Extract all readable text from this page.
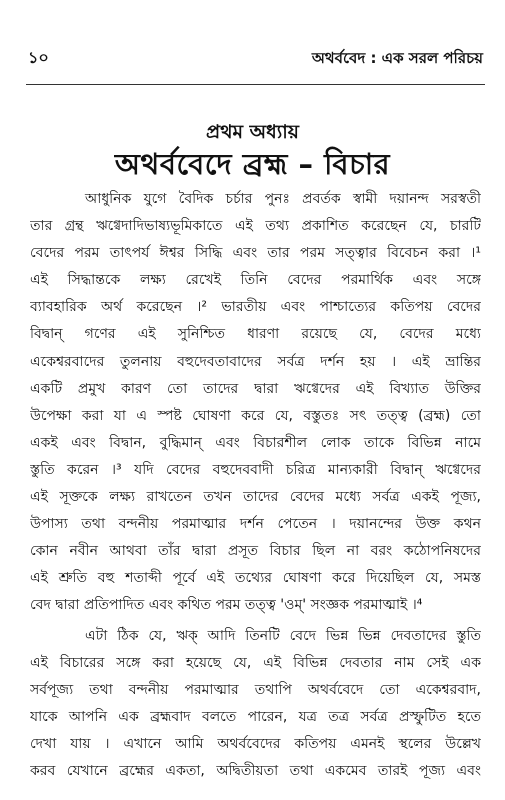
১০	অথর্ববেদ : এক সরল পরিচয়
প্রথম অধ্যায়
অথর্ববেদে ব্রহ্ম – বিচার
আধুনিক যুগে বৈদিক চর্চার পুনঃ প্রবর্তক স্বামী দয়ানন্দ সরস্বতী
তার গ্রন্থ ঋগ্বেদাদিভাষ্যভূমিকাতে এই তথ্য প্রকাশিত করেছেন যে, চারটি
বেদের পরম তাৎপর্য ঈশ্বর সিদ্ধি এবং তার পরম সত্ত্বার বিবেচন করা ।¹
এই সিদ্ধান্তকে লক্ষ্য রেখেই তিনি বেদের পরমার্থিক এবং সঙ্গে
ব্যাবহারিক অর্থ করেছেন ।² ভারতীয় এবং পাশ্চাত্যের কতিপয় বেদের
বিদ্বান্ গণের এই সুনিশ্চিত ধারণা রয়েছে যে, বেদের মধ্যে
একেশ্বরবাদের তুলনায় বহুদেবতাবাদের সর্বত্র দর্শন হয় । এই ভ্রান্তির
একটি প্রমুখ কারণ তো তাদের দ্বারা ঋগ্বেদের এই বিখ্যাত উক্তির
উপেক্ষা করা যা এ স্পষ্ট ঘোষণা করে যে, বস্তুতঃ সৎ তত্ত্ব (ব্রহ্ম) তো
একই এবং বিদ্বান, বুদ্ধিমান্ এবং বিচারশীল লোক তাকে বিভিন্ন নামে
স্তুতি করেন ।³ যদি বেদের বহুদেববাদী চরিত্র মান্যকারী বিদ্বান্ ঋগ্বেদের
এই সূক্তকে লক্ষ্য রাখতেন তখন তাদের বেদের মধ্যে সর্বত্র একই পূজ্য,
উপাস্য তথা বন্দনীয় পরমাত্মার দর্শন পেতেন । দয়ানন্দের উক্ত কথন
কোন নবীন আথবা তাঁর দ্বারা প্রসূত বিচার ছিল না বরং কঠোপনিষদের
এই শ্রুতি বহু শতাব্দী পূর্বে এই তথ্যের ঘোষণা করে দিয়েছিল যে, সমস্ত
বেদ দ্বারা প্রতিপাদিত এবং কথিত পরম তত্ত্ব 'ওম্' সংজ্ঞক পরমাত্মাই ।⁴
এটা ঠিক যে, ঋক্ আদি তিনটি বেদে ভিন্ন ভিন্ন দেবতাদের স্তুতি
এই বিচারের সঙ্গে করা হয়েছে যে, এই বিভিন্ন দেবতার নাম সেই এক
সর্বপূজ্য তথা বন্দনীয় পরমাত্মার তথাপি অথর্ববেদে তো একেশ্বরবাদ,
যাকে আপনি এক ব্রহ্মবাদ বলতে পারেন, যত্র তত্র সর্বত্র প্রস্ফুটিত হতে
দেখা যায় । এখানে আমি অথর্ববেদের কতিপয় এমনই স্থলের উল্লেখ
করব যেখানে ব্রহ্মের একতা, অদ্বিতীয়তা তথা একমেব তারই পূজ্য এবং
